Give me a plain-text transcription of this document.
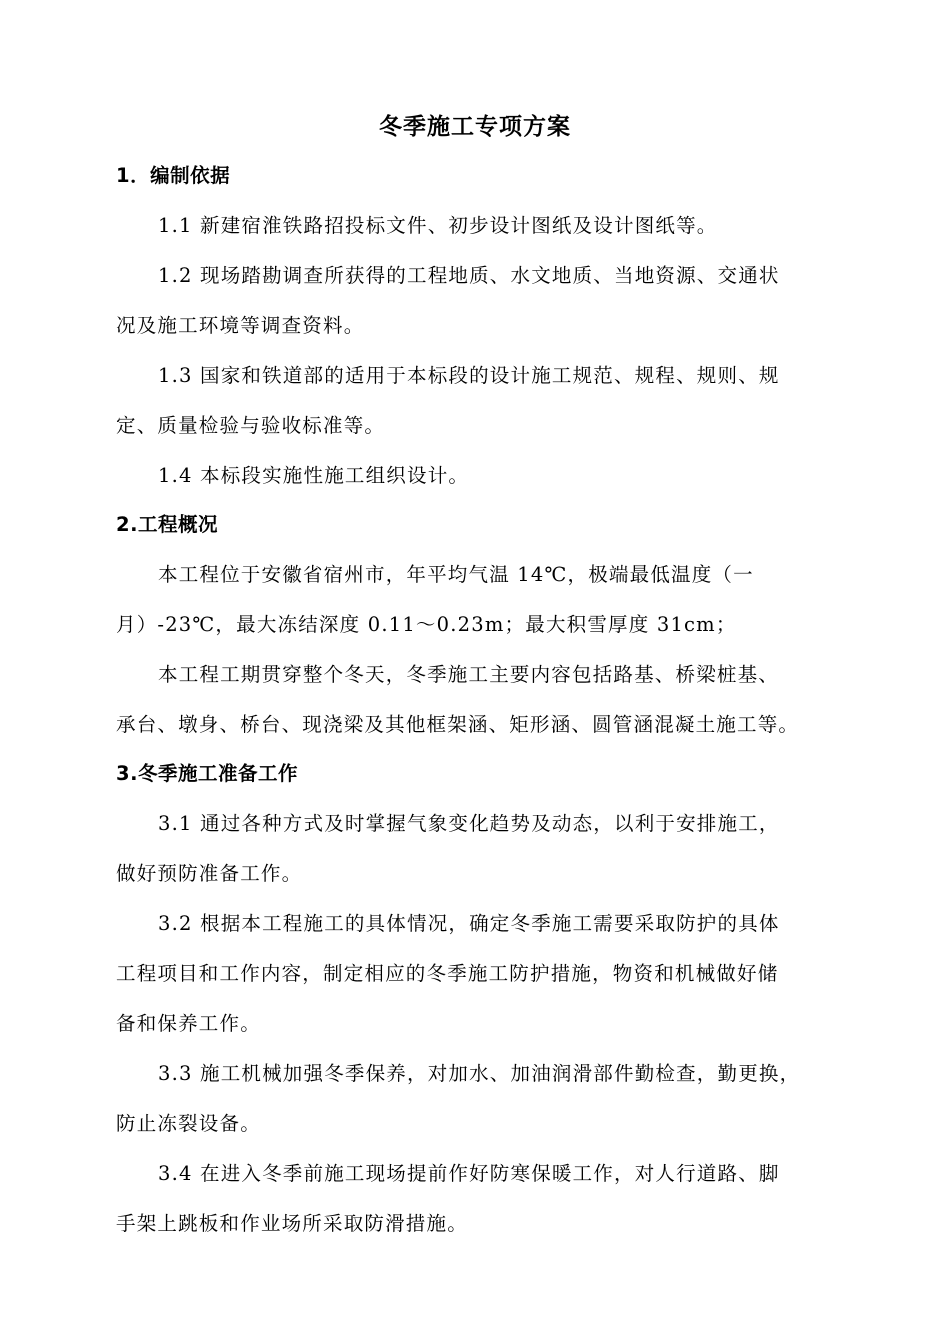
冬季施工专项方案
1．编制依据
1.1 新建宿淮铁路招投标文件、初步设计图纸及设计图纸等。
1.2 现场踏勘调查所获得的工程地质、水文地质、当地资源、交通状
况及施工环境等调查资料。
1.3 国家和铁道部的适用于本标段的设计施工规范、规程、规则、规
定、质量检验与验收标准等。
1.4 本标段实施性施工组织设计。
2.工程概况
本工程位于安徽省宿州市，年平均气温 14℃，极端最低温度（一
月）-23℃，最大冻结深度 0.11～0.23m；最大积雪厚度 31cm；
本工程工期贯穿整个冬天，冬季施工主要内容包括路基、桥梁桩基、
承台、墩身、桥台、现浇梁及其他框架涵、矩形涵、圆管涵混凝土施工等。
3.冬季施工准备工作
3.1 通过各种方式及时掌握气象变化趋势及动态，以利于安排施工，
做好预防准备工作。
3.2 根据本工程施工的具体情况，确定冬季施工需要采取防护的具体
工程项目和工作内容，制定相应的冬季施工防护措施，物资和机械做好储
备和保养工作。
3.3 施工机械加强冬季保养，对加水、加油润滑部件勤检查，勤更换，
防止冻裂设备。
3.4 在进入冬季前施工现场提前作好防寒保暖工作，对人行道路、脚
手架上跳板和作业场所采取防滑措施。
